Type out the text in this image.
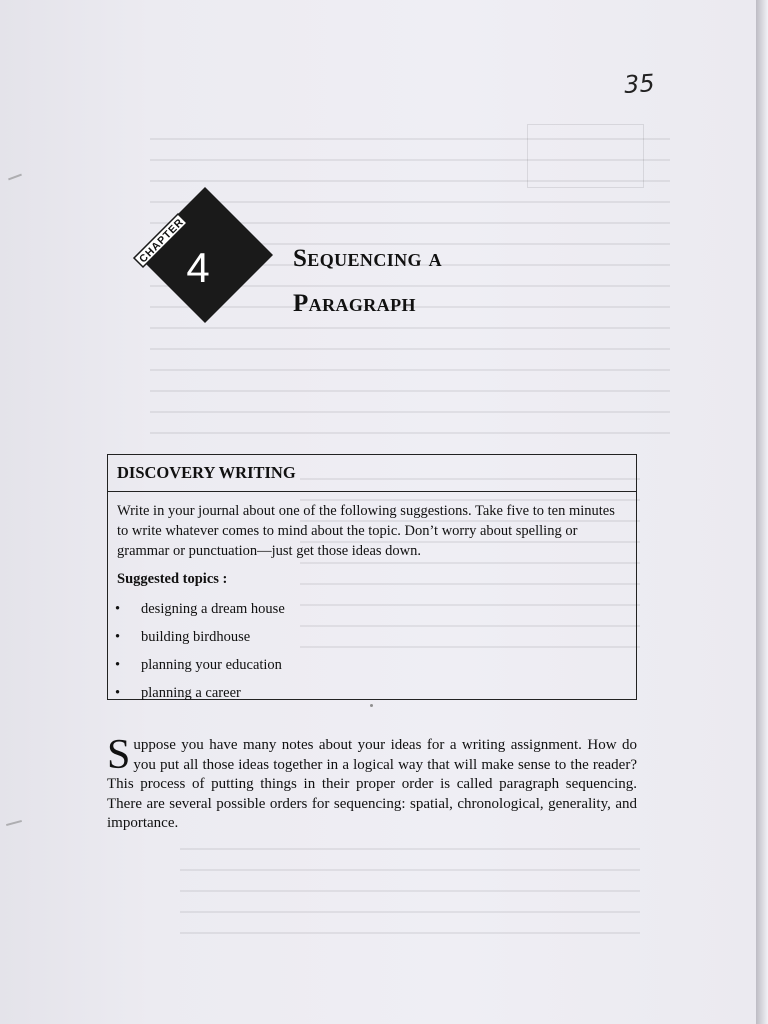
35
CHAPTER
4	Sequencing a
Paragraph
DISCOVERY WRITING
Write in your journal about one of the following suggestions. Take five to ten minutes to write whatever comes to mind about the topic. Don’t worry about spelling or grammar or punctuation—just get those ideas down.
Suggested topics :
• designing a dream house
• building birdhouse
• planning your education
• planning a career
Suppose you have many notes about your ideas for a writing assignment. How do you put all those ideas together in a logical way that will make sense to the reader? This process of putting things in their proper order is called paragraph sequencing. There are several possible orders for sequencing: spatial, chronological, generality, and importance.
